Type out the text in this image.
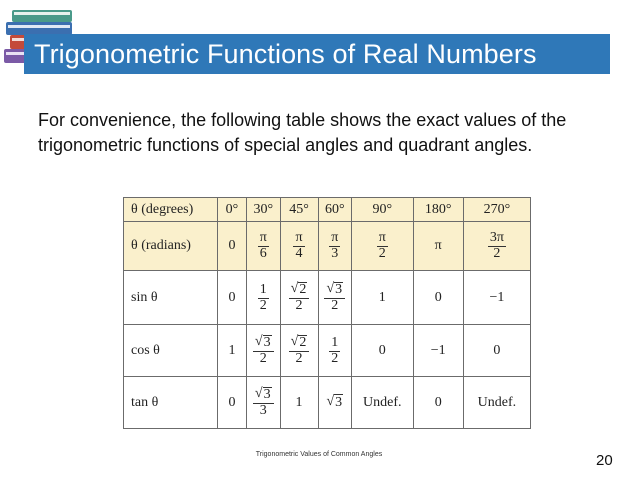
Trigonometric Functions of Real Numbers
For convenience, the following table shows the exact values of the trigonometric functions of special angles and quadrant angles.
θ (degrees)	0°	30°	45°	60°	90°	180°	270°
θ (radians)	0	$\frac{\pi}{6}$	$\frac{\pi}{4}$	$\frac{\pi}{3}$	$\frac{\pi}{2}$	π	$\frac{3\pi}{2}$

sin θ	0	$\frac{1}{2}$	$\frac{√ 2}{2}$	$\frac{√ 3}{2}$	1	0	−1
cos θ	1	$\frac{√ 3}{2}$	$\frac{√ 2}{2}$	$\frac{1}{2}$	0	−1	0
tan θ	0	$\frac{√ 3}{3}$	1	√ 3	Undef.	0	Undef.
Trigonometric Values of Common Angles	20
